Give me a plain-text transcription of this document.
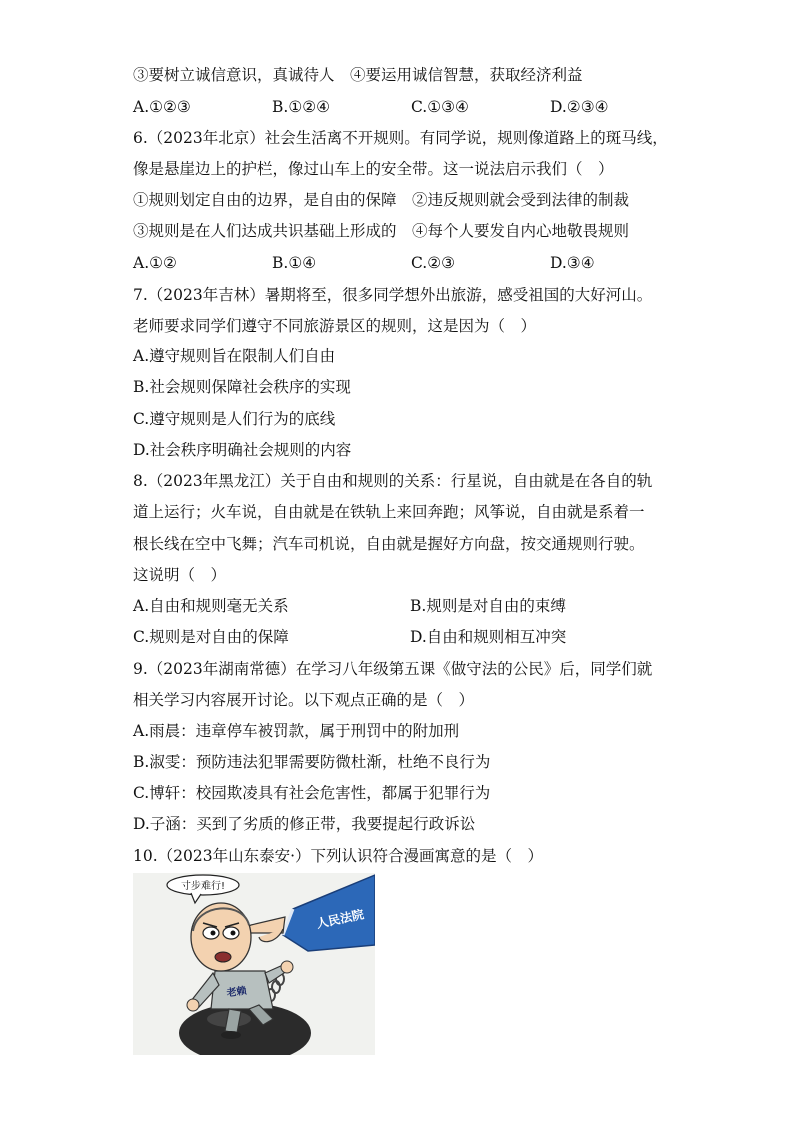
③要树立诚信意识，真诚待人　④要运用诚信智慧，获取经济利益
A.①②③	B.①②④	C.①③④	D.②③④
6.（2023年北京）社会生活离不开规则。有同学说，规则像道路上的斑马线，
像是悬崖边上的护栏，像过山车上的安全带。这一说法启示我们（　）
①规则划定自由的边界，是自由的保障　②违反规则就会受到法律的制裁
③规则是在人们达成共识基础上形成的　④每个人要发自内心地敬畏规则
A.①②	B.①④	C.②③	D.③④
7.（2023年吉林）暑期将至，很多同学想外出旅游，感受祖国的大好河山。
老师要求同学们遵守不同旅游景区的规则，这是因为（　）
A.遵守规则旨在限制人们自由
B.社会规则保障社会秩序的实现
C.遵守规则是人们行为的底线
D.社会秩序明确社会规则的内容
8.（2023年黑龙江）关于自由和规则的关系：行星说，自由就是在各自的轨
道上运行；火车说，自由就是在铁轨上来回奔跑；风筝说，自由就是系着一
根长线在空中飞舞；汽车司机说，自由就是握好方向盘，按交通规则行驶。
这说明（　）
A.自由和规则毫无关系	B.规则是对自由的束缚
C.规则是对自由的保障	D.自由和规则相互冲突
9.（2023年湖南常德）在学习八年级第五课《做守法的公民》后，同学们就
相关学习内容展开讨论。以下观点正确的是（　）
A.雨晨：违章停车被罚款，属于刑罚中的附加刑
B.淑雯：预防违法犯罪需要防微杜渐，杜绝不良行为
C.博轩：校园欺凌具有社会危害性，都属于犯罪行为
D.子涵：买到了劣质的修正带，我要提起行政诉讼
10.（2023年山东泰安·）下列认识符合漫画寓意的是（　）
寸步难行!
人民法院
老赖
